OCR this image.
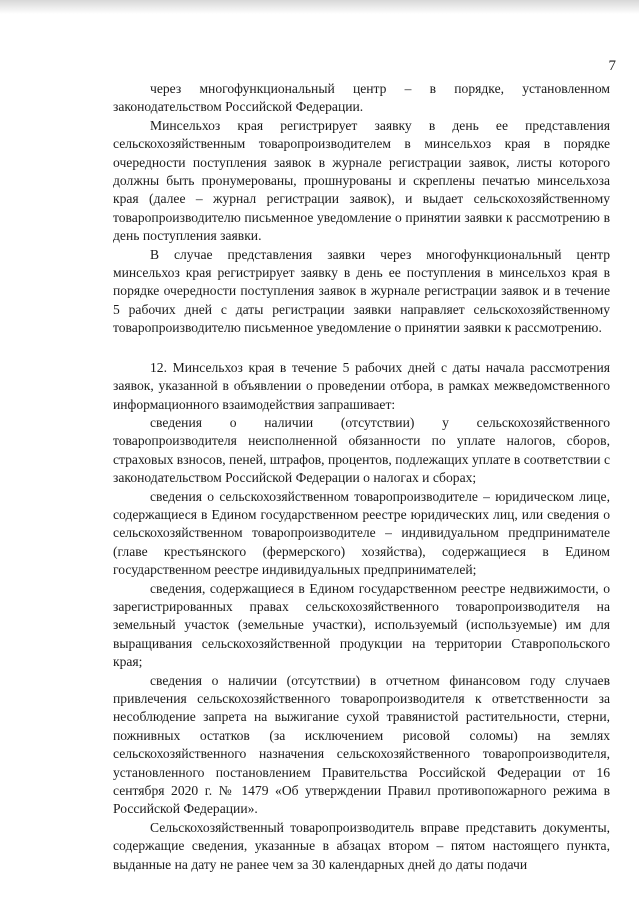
7

через многофункциональный центр – в порядке, установленном законодательством Российской Федерации.

Минсельхоз края регистрирует заявку в день ее представления сельскохозяйственным товаропроизводителем в минсельхоз края в порядке очередности поступления заявок в журнале регистрации заявок, листы которого должны быть пронумерованы, прошнурованы и скреплены печатью минсельхоза края (далее – журнал регистрации заявок), и выдает сельскохозяйственному товаропроизводителю письменное уведомление о принятии заявки к рассмотрению в день поступления заявки.

В случае представления заявки через многофункциональный центр минсельхоз края регистрирует заявку в день ее поступления в минсельхоз края в порядке очередности поступления заявок в журнале регистрации заявок и в течение 5 рабочих дней с даты регистрации заявки направляет сельскохозяйственному товаропроизводителю письменное уведомление о принятии заявки к рассмотрению.

12. Минсельхоз края в течение 5 рабочих дней с даты начала рассмотрения заявок, указанной в объявлении о проведении отбора, в рамках межведомственного информационного взаимодействия запрашивает:

сведения о наличии (отсутствии) у сельскохозяйственного товаропроизводителя неисполненной обязанности по уплате налогов, сборов, страховых взносов, пеней, штрафов, процентов, подлежащих уплате в соответствии с законодательством Российской Федерации о налогах и сборах;

сведения о сельскохозяйственном товаропроизводителе – юридическом лице, содержащиеся в Едином государственном реестре юридических лиц, или сведения о сельскохозяйственном товаропроизводителе – индивидуальном предпринимателе (главе крестьянского (фермерского) хозяйства), содержащиеся в Едином государственном реестре индивидуальных предпринимателей;

сведения, содержащиеся в Едином государственном реестре недвижимости, о зарегистрированных правах сельскохозяйственного товаропроизводителя на земельный участок (земельные участки), используемый (используемые) им для выращивания сельскохозяйственной продукции на территории Ставропольского края;

сведения о наличии (отсутствии) в отчетном финансовом году случаев привлечения сельскохозяйственного товаропроизводителя к ответственности за несоблюдение запрета на выжигание сухой травянистой растительности, стерни, пожнивных остатков (за исключением рисовой соломы) на землях сельскохозяйственного назначения сельскохозяйственного товаропроизводителя, установленного постановлением Правительства Российской Федерации от 16 сентября 2020 г. № 1479 «Об утверждении Правил противопожарного режима в Российской Федерации».

Сельскохозяйственный товаропроизводитель вправе представить документы, содержащие сведения, указанные в абзацах втором – пятом настоящего пункта, выданные на дату не ранее чем за 30 календарных дней до даты подачи
